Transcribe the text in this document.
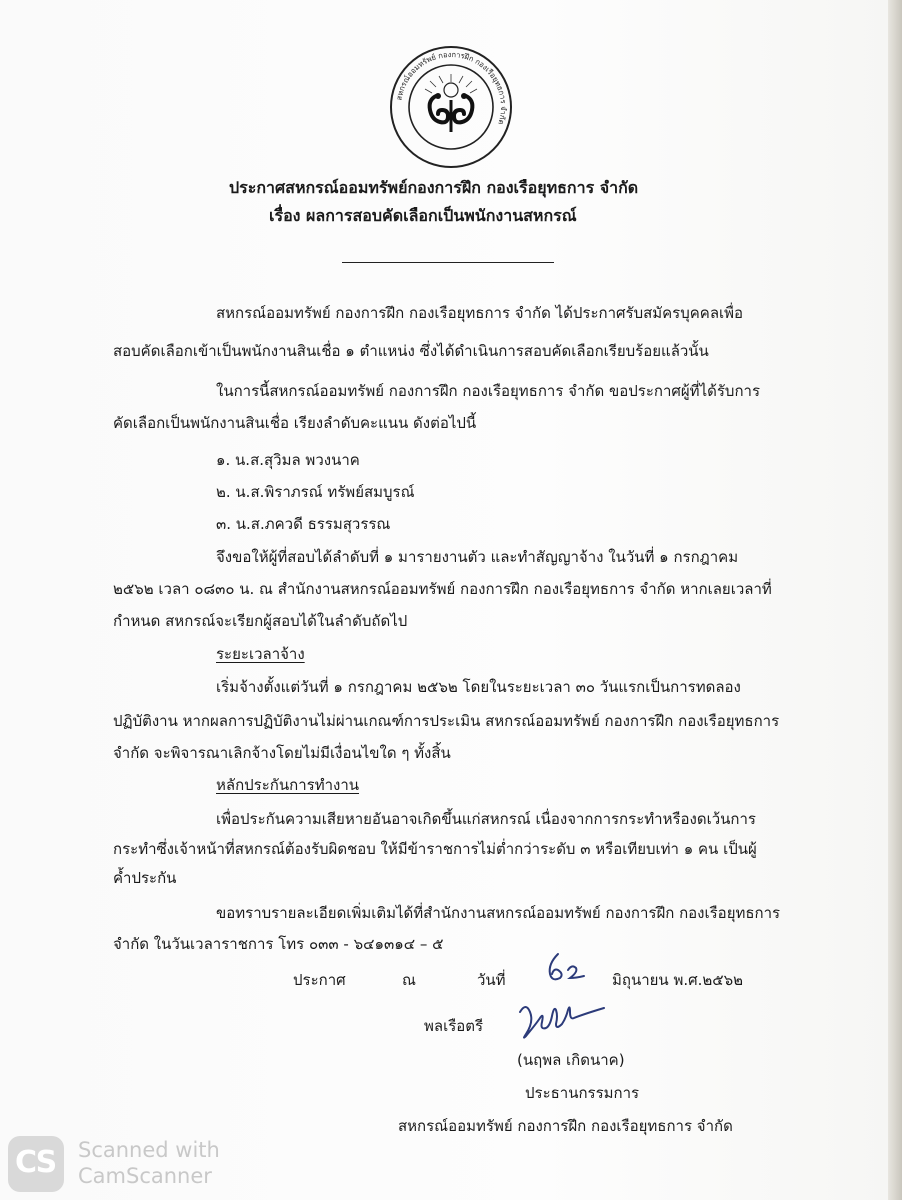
สหกรณ์ออมทรัพย์ กองการฝึก กองเรือยุทธการ จำกัด
ประกาศสหกรณ์ออมทรัพย์กองการฝึก กองเรือยุทธการ จำกัด
เรื่อง ผลการสอบคัดเลือกเป็นพนักงานสหกรณ์
สหกรณ์ออมทรัพย์ กองการฝึก กองเรือยุทธการ จำกัด ได้ประกาศรับสมัครบุคคลเพื่อ
สอบคัดเลือกเข้าเป็นพนักงานสินเชื่อ ๑ ตำแหน่ง ซึ่งได้ดำเนินการสอบคัดเลือกเรียบร้อยแล้วนั้น
ในการนี้สหกรณ์ออมทรัพย์ กองการฝึก กองเรือยุทธการ จำกัด ขอประกาศผู้ที่ได้รับการ
คัดเลือกเป็นพนักงานสินเชื่อ เรียงลำดับคะแนน ดังต่อไปนี้
๑. น.ส.สุวิมล พวงนาค
๒. น.ส.พิราภรณ์ ทรัพย์สมบูรณ์
๓. น.ส.ภควดี ธรรมสุวรรณ
จึงขอให้ผู้ที่สอบได้ลำดับที่ ๑ มารายงานตัว และทำสัญญาจ้าง ในวันที่ ๑ กรกฎาคม
๒๕๖๒ เวลา ๐๘๓๐ น. ณ สำนักงานสหกรณ์ออมทรัพย์ กองการฝึก กองเรือยุทธการ จำกัด หากเลยเวลาที่
กำหนด สหกรณ์จะเรียกผู้สอบได้ในลำดับถัดไป
ระยะเวลาจ้าง
เริ่มจ้างตั้งแต่วันที่ ๑ กรกฎาคม ๒๕๖๒ โดยในระยะเวลา ๓๐ วันแรกเป็นการทดลอง
ปฏิบัติงาน หากผลการปฏิบัติงานไม่ผ่านเกณฑ์การประเมิน สหกรณ์ออมทรัพย์ กองการฝึก กองเรือยุทธการ
จำกัด จะพิจารณาเลิกจ้างโดยไม่มีเงื่อนไขใด ๆ ทั้งสิ้น
หลักประกันการทำงาน
เพื่อประกันความเสียหายอันอาจเกิดขึ้นแก่สหกรณ์ เนื่องจากการกระทำหรืองดเว้นการ
กระทำซึ่งเจ้าหน้าที่สหกรณ์ต้องรับผิดชอบ ให้มีข้าราชการไม่ต่ำกว่าระดับ ๓ หรือเทียบเท่า ๑ คน เป็นผู้
ค้ำประกัน
ขอทราบรายละเอียดเพิ่มเติมได้ที่สำนักงานสหกรณ์ออมทรัพย์ กองการฝึก กองเรือยุทธการ
จำกัด ในวันเวลาราชการ โทร ๐๓๓ - ๖๔๑๓๑๔ – ๕
ประกาศ	ณ	วันที่
๒๖
มิถุนายน พ.ศ.๒๕๖๒
พลเรือตรี
(นฤพล เกิดนาค)
ประธานกรรมการ
สหกรณ์ออมทรัพย์ กองการฝึก กองเรือยุทธการ จำกัด
CS Scanned with
CamScanner
